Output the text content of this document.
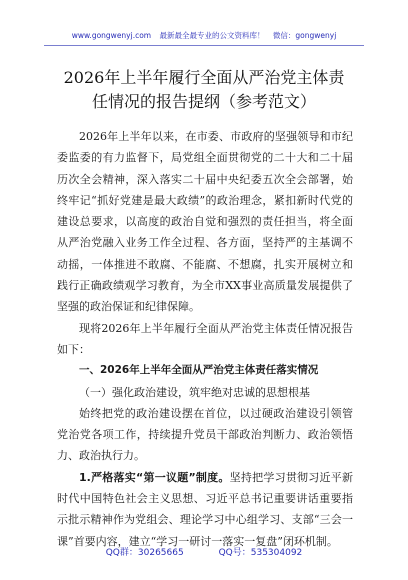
www.gongwenyj.com 最新最全最专业的公文资料库！ 微信：gongwenyj
2026年上半年履行全面从严治党主体责任情况的报告提纲（参考范文）

2026年上半年以来，在市委、市政府的坚强领导和市纪委监委的有力监督下，局党组全面贯彻党的二十大和二十届历次全会精神，深入落实二十届中央纪委五次全会部署，始终牢记“抓好党建是最大政绩”的政治理念，紧扣新时代党的建设总要求，以高度的政治自觉和强烈的责任担当，将全面从严治党融入业务工作全过程、各方面，坚持严的主基调不动摇，一体推进不敢腐、不能腐、不想腐，扎实开展树立和践行正确政绩观学习教育，为全市XX事业高质量发展提供了坚强的政治保证和纪律保障。

现将2026年上半年履行全面从严治党主体责任情况报告如下：

一、2026年上半年全面从严治党主体责任落实情况

（一）强化政治建设，筑牢绝对忠诚的思想根基

始终把党的政治建设摆在首位，以过硬政治建设引领管党治党各项工作，持续提升党员干部政治判断力、政治领悟力、政治执行力。

1.严格落实“第一议题”制度。坚持把学习贯彻习近平新时代中国特色社会主义思想、习近平总书记重要讲话重要指示批示精神作为党组会、理论学习中心组学习、支部“三会一课”首要内容，建立“学习一研讨一落实一复盘”闭环机制。

QQ群：30265665	QQ号：535304092
